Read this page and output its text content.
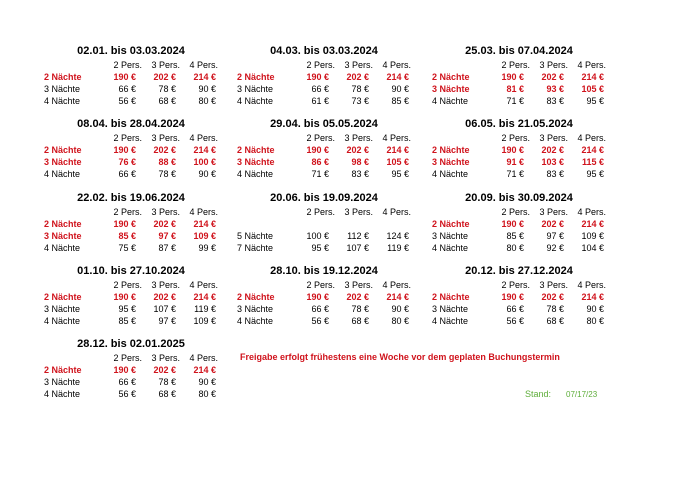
02.01. bis 03.03.2024
2 Pers.	3 Pers.	4 Pers.
2 Nächte	190 €	202 €	214 €
3 Nächte	66 €	78 €	90 €
4 Nächte	56 €	68 €	80 €
04.03. bis 03.03.2024
2 Pers.	3 Pers.	4 Pers.
2 Nächte	190 €	202 €	214 €
3 Nächte	66 €	78 €	90 €
4 Nächte	61 €	73 €	85 €
25.03. bis 07.04.2024
2 Pers.	3 Pers.	4 Pers.
2 Nächte	190 €	202 €	214 €
3 Nächte	81 €	93 €	105 €
4 Nächte	71 €	83 €	95 €
08.04. bis 28.04.2024
2 Pers.	3 Pers.	4 Pers.
2 Nächte	190 €	202 €	214 €
3 Nächte	76 €	88 €	100 €
4 Nächte	66 €	78 €	90 €
29.04. bis 05.05.2024
2 Pers.	3 Pers.	4 Pers.
2 Nächte	190 €	202 €	214 €
3 Nächte	86 €	98 €	105 €
4 Nächte	71 €	83 €	95 €
06.05. bis 21.05.2024
2 Pers.	3 Pers.	4 Pers.
2 Nächte	190 €	202 €	214 €
3 Nächte	91 €	103 €	115 €
4 Nächte	71 €	83 €	95 €
22.02. bis 19.06.2024
2 Pers.	3 Pers.	4 Pers.
2 Nächte	190 €	202 €	214 €
3 Nächte	85 €	97 €	109 €
4 Nächte	75 €	87 €	99 €
20.06. bis 19.09.2024
2 Pers.	3 Pers.	4 Pers.
5 Nächte	100 €	112 €	124 €
7 Nächte	95 €	107 €	119 €
20.09. bis 30.09.2024
2 Pers.	3 Pers.	4 Pers.
2 Nächte	190 €	202 €	214 €
3 Nächte	85 €	97 €	109 €
4 Nächte	80 €	92 €	104 €
01.10. bis 27.10.2024
2 Pers.	3 Pers.	4 Pers.
2 Nächte	190 €	202 €	214 €
3 Nächte	95 €	107 €	119 €
4 Nächte	85 €	97 €	109 €
28.10. bis 19.12.2024
2 Pers.	3 Pers.	4 Pers.
2 Nächte	190 €	202 €	214 €
3 Nächte	66 €	78 €	90 €
4 Nächte	56 €	68 €	80 €
20.12. bis 27.12.2024
2 Pers.	3 Pers.	4 Pers.
2 Nächte	190 €	202 €	214 €
3 Nächte	66 €	78 €	90 €
4 Nächte	56 €	68 €	80 €
28.12. bis 02.01.2025
2 Pers.	3 Pers.	4 Pers.
2 Nächte	190 €	202 €	214 €
3 Nächte	66 €	78 €	90 €
4 Nächte	56 €	68 €	80 €
Freigabe erfolgt frühestens eine Woche vor dem geplaten Buchungstermin
Stand: 07/17/23
